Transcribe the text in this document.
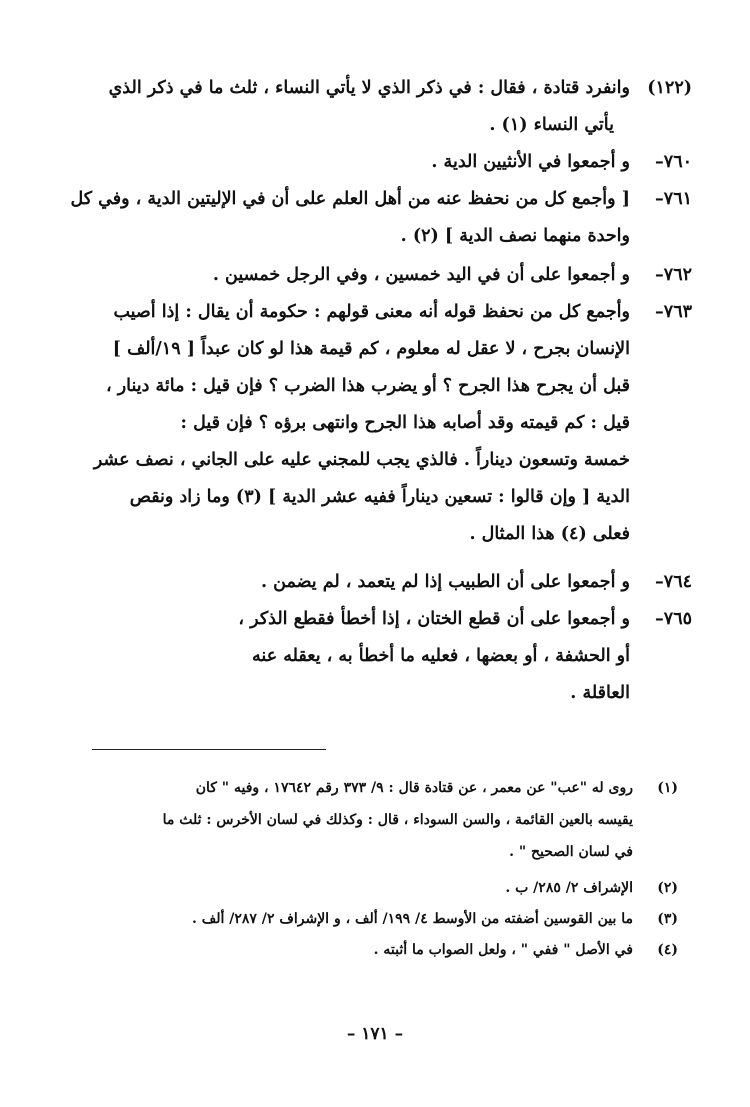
(١٢٢)
وانفرد قتادة ، فقال : في ذكر الذي لا يأتي النساء ، ثلث ما في ذكر الذي
يأتي النساء (١) .
٧٦٠–
و أجمعوا في الأنثيين الدية .
٧٦١–
[ وأجمع كل من نحفظ عنه من أهل العلم على أن في الإليتين الدية ، وفي كل
واحدة منهما نصف الدية ] (٢) .
٧٦٢–
و أجمعوا على أن في اليد خمسين ، وفي الرجل خمسين .
٧٦٣–
وأجمع كل من نحفظ قوله أنه معنى قولهم : حكومة أن يقال : إذا أصيب
الإنسان بجرح ، لا عقل له معلوم ، كم قيمة هذا لو كان عبداً [ ١٩/ألف ]
قبل أن يجرح هذا الجرح ؟ أو يضرب هذا الضرب ؟ فإن قيل : مائة دينار ،
قيل : كم قيمته وقد أصابه هذا الجرح وانتهى برؤه ؟ فإن قيل :
خمسة وتسعون ديناراً . فالذي يجب للمجني عليه على الجاني ، نصف عشر
الدية [ وإن قالوا : تسعين ديناراً ففيه عشر الدية ] (٣) وما زاد ونقص
فعلى (٤) هذا المثال .
٧٦٤–
و أجمعوا على أن الطبيب إذا لم يتعمد ، لم يضمن .
٧٦٥–
و أجمعوا على أن قطع الختان ، إذا أخطأ فقطع الذكر ،
أو الحشفة ، أو بعضها ، فعليه ما أخطأ به ، يعقله عنه
العاقلة .
(١)
روى له "عب" عن معمر ، عن قتادة قال : ٩/ ٣٧٣ رقم ١٧٦٤٢ ، وفيه " كان
يقيسه بالعين القائمة ، والسن السوداء ، قال : وكذلك في لسان الأخرس : ثلث ما
في لسان الصحيح " .
(٢)
الإشراف ٢/ ٢٨٥/ ب .
(٣)
ما بين القوسين أضفته من الأوسط ٤/ ١٩٩/ ألف ، و الإشراف ٢/ ٢٨٧/ ألف .
(٤)
في الأصل " ففي " ، ولعل الصواب ما أثبته .
– ١٧١ –
